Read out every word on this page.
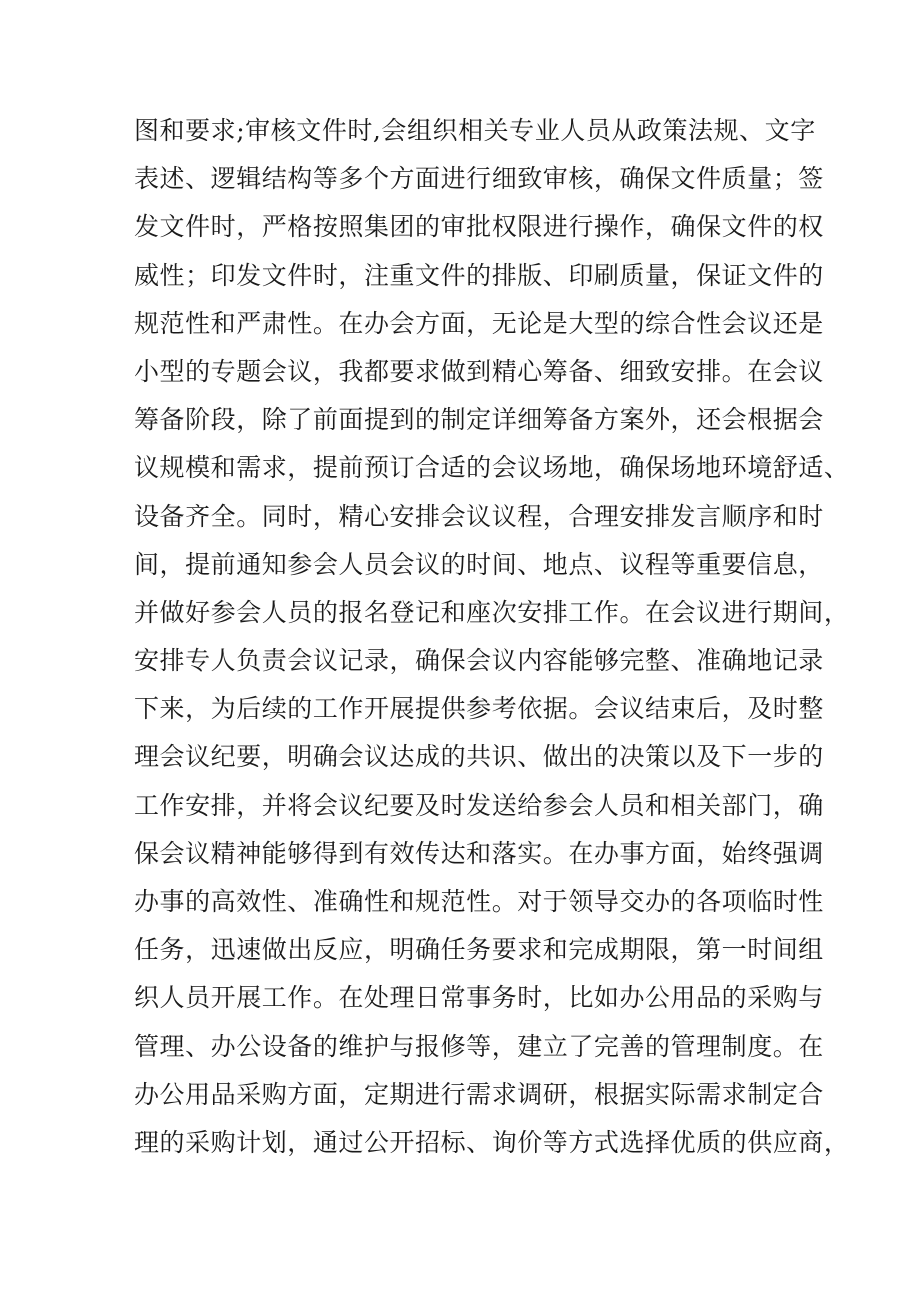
图和要求;审核文件时,会组织相关专业人员从政策法规、文字
表述、逻辑结构等多个方面进行细致审核，确保文件质量；签
发文件时，严格按照集团的审批权限进行操作，确保文件的权
威性；印发文件时，注重文件的排版、印刷质量，保证文件的
规范性和严肃性。在办会方面，无论是大型的综合性会议还是
小型的专题会议，我都要求做到精心筹备、细致安排。在会议
筹备阶段，除了前面提到的制定详细筹备方案外，还会根据会
议规模和需求，提前预订合适的会议场地，确保场地环境舒适、
设备齐全。同时，精心安排会议议程，合理安排发言顺序和时
间，提前通知参会人员会议的时间、地点、议程等重要信息，
并做好参会人员的报名登记和座次安排工作。在会议进行期间，
安排专人负责会议记录，确保会议内容能够完整、准确地记录
下来，为后续的工作开展提供参考依据。会议结束后，及时整
理会议纪要，明确会议达成的共识、做出的决策以及下一步的
工作安排，并将会议纪要及时发送给参会人员和相关部门，确
保会议精神能够得到有效传达和落实。在办事方面，始终强调
办事的高效性、准确性和规范性。对于领导交办的各项临时性
任务，迅速做出反应，明确任务要求和完成期限，第一时间组
织人员开展工作。在处理日常事务时，比如办公用品的采购与
管理、办公设备的维护与报修等，建立了完善的管理制度。在
办公用品采购方面，定期进行需求调研，根据实际需求制定合
理的采购计划，通过公开招标、询价等方式选择优质的供应商，
